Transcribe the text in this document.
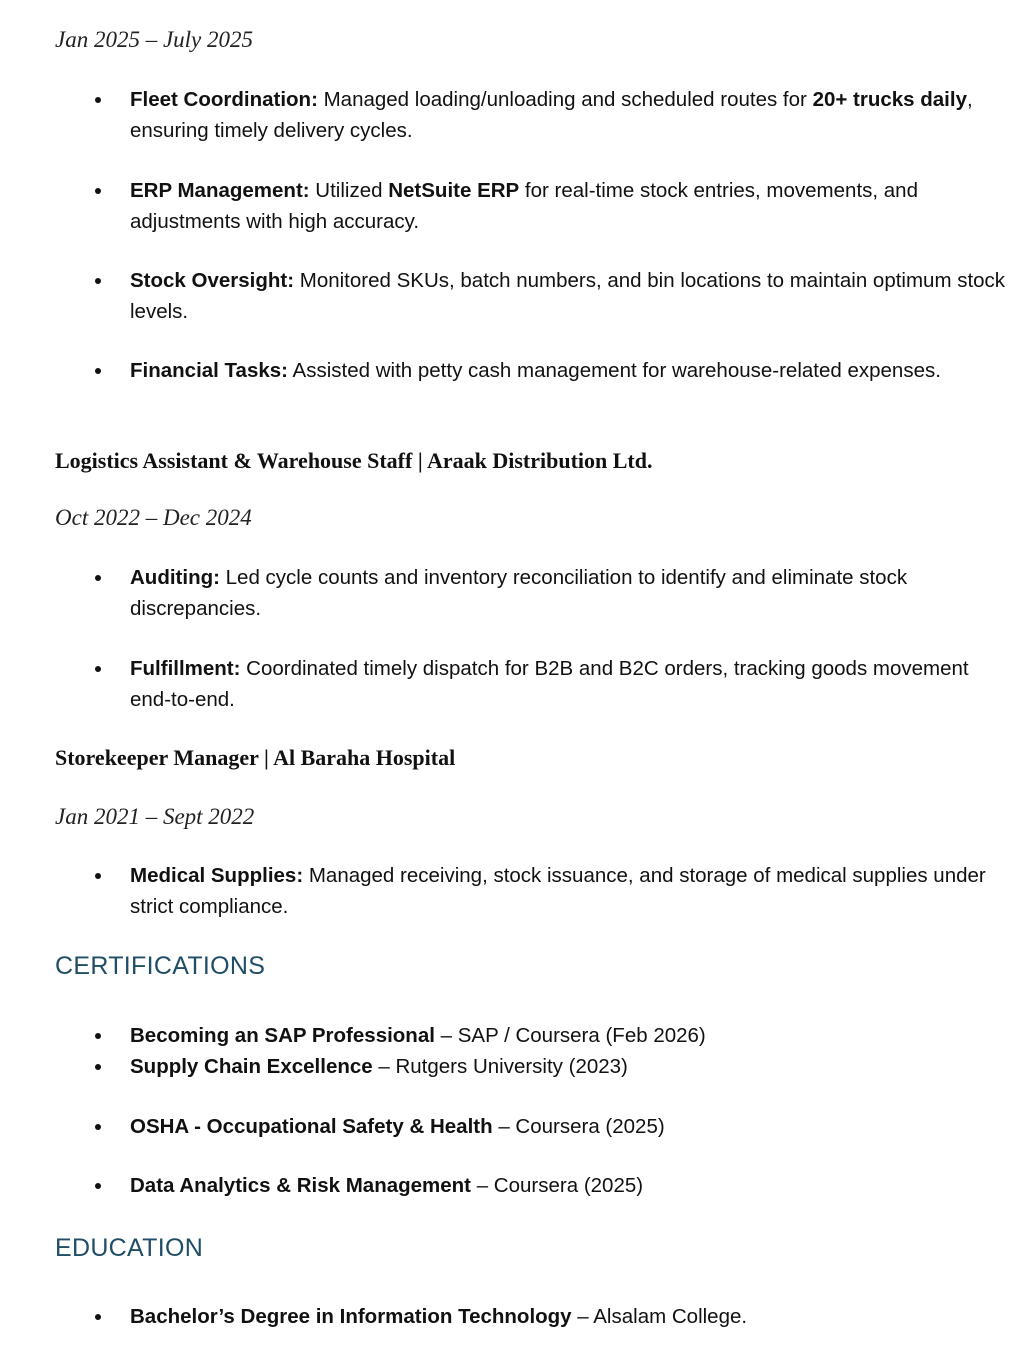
Jan 2025 – July 2025
Fleet Coordination: Managed loading/unloading and scheduled routes for 20+ trucks daily, ensuring timely delivery cycles.
ERP Management: Utilized NetSuite ERP for real-time stock entries, movements, and adjustments with high accuracy.
Stock Oversight: Monitored SKUs, batch numbers, and bin locations to maintain optimum stock levels.
Financial Tasks: Assisted with petty cash management for warehouse-related expenses.
Logistics Assistant & Warehouse Staff | Araak Distribution Ltd.
Oct 2022 – Dec 2024
Auditing: Led cycle counts and inventory reconciliation to identify and eliminate stock discrepancies.
Fulfillment: Coordinated timely dispatch for B2B and B2C orders, tracking goods movement end-to-end.
Storekeeper Manager | Al Baraha Hospital
Jan 2021 – Sept 2022
Medical Supplies: Managed receiving, stock issuance, and storage of medical supplies under strict compliance.
CERTIFICATIONS
Becoming an SAP Professional – SAP / Coursera (Feb 2026)
Supply Chain Excellence – Rutgers University (2023)
OSHA - Occupational Safety & Health – Coursera (2025)
Data Analytics & Risk Management – Coursera (2025)
EDUCATION
Bachelor’s Degree in Information Technology – Alsalam College.
